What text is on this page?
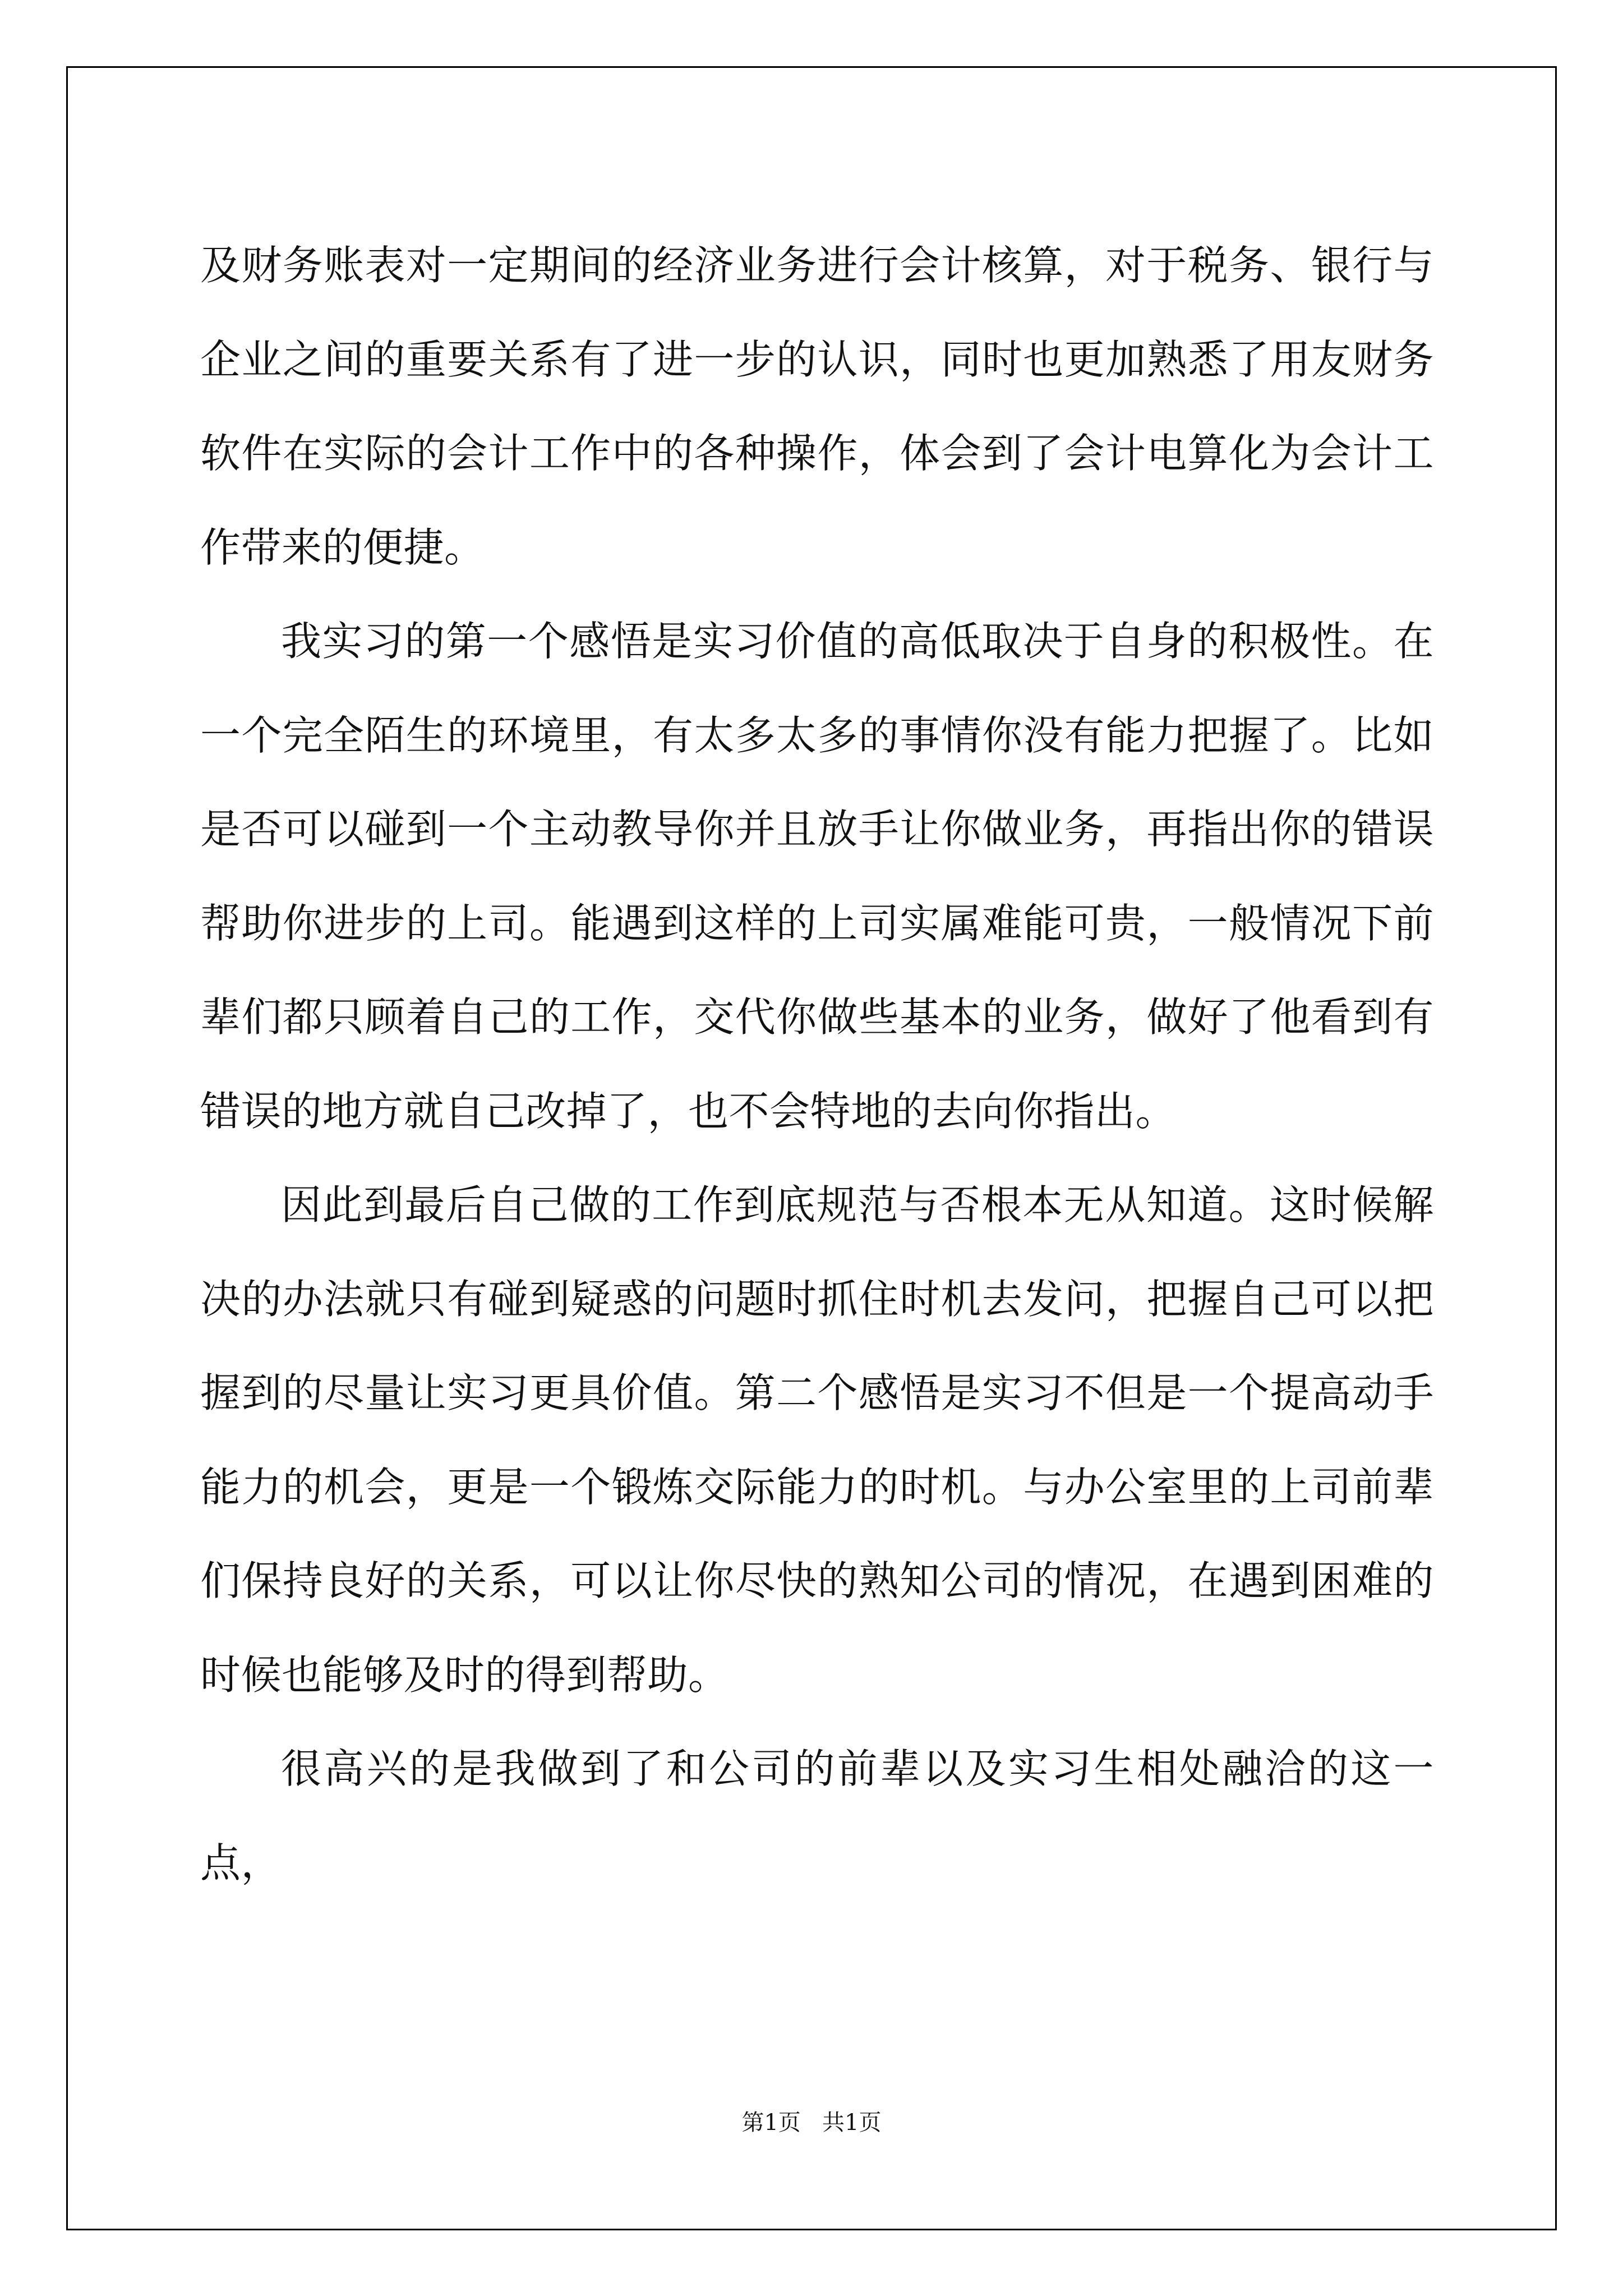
及财务账表对一定期间的经济业务进行会计核算，对于税务、银行与企业之间的重要关系有了进一步的认识，同时也更加熟悉了用友财务软件在实际的会计工作中的各种操作，体会到了会计电算化为会计工作带来的便捷。

我实习的第一个感悟是实习价值的高低取决于自身的积极性。在一个完全陌生的环境里，有太多太多的事情你没有能力把握了。比如是否可以碰到一个主动教导你并且放手让你做业务，再指出你的错误帮助你进步的上司。能遇到这样的上司实属难能可贵，一般情况下前辈们都只顾着自己的工作，交代你做些基本的业务，做好了他看到有错误的地方就自己改掉了，也不会特地的去向你指出。

因此到最后自己做的工作到底规范与否根本无从知道。这时候解决的办法就只有碰到疑惑的问题时抓住时机去发问，把握自己可以把握到的尽量让实习更具价值。第二个感悟是实习不但是一个提高动手能力的机会，更是一个锻炼交际能力的时机。与办公室里的上司前辈们保持良好的关系，可以让你尽快的熟知公司的情况，在遇到困难的时候也能够及时的得到帮助。

很高兴的是我做到了和公司的前辈以及实习生相处融洽的这一点，

第1页   共1页
